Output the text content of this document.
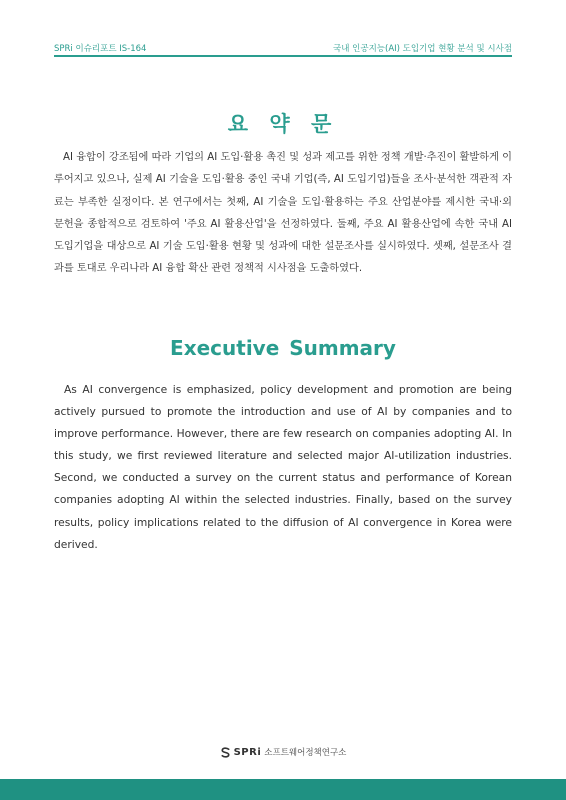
SPRi 이슈리포트 IS-164	국내 인공지능(AI) 도입기업 현황 분석 및 시사점
요 약 문

AI 융합이 강조됨에 따라 기업의 AI 도입·활용 촉진 및 성과 제고를 위한 정책 개발·추진이 활발하게 이루어지고 있으나, 실제 AI 기술을 도입·활용 중인 국내 기업(즉, AI 도입기업)들을 조사·분석한 객관적 자료는 부족한 실정이다. 본 연구에서는 첫째, AI 기술을 도입·활용하는 주요 산업분야를 제시한 국내·외 문헌을 종합적으로 검토하여 '주요 AI 활용산업'을 선정하였다. 둘째, 주요 AI 활용산업에 속한 국내 AI 도입기업을 대상으로 AI 기술 도입·활용 현황 및 성과에 대한 설문조사를 실시하였다. 셋째, 설문조사 결과를 토대로 우리나라 AI 융합 확산 관련 정책적 시사점을 도출하였다.

Executive Summary

As AI convergence is emphasized, policy development and promotion are being actively pursued to promote the introduction and use of AI by companies and to improve performance. However, there are few research on companies adopting AI. In this study, we first reviewed literature and selected major AI-utilization industries. Second, we conducted a survey on the current status and performance of Korean companies adopting AI within the selected industries. Finally, based on the survey results, policy implications related to the diffusion of AI convergence in Korea were derived.

SPRi 소프트웨어정책연구소
